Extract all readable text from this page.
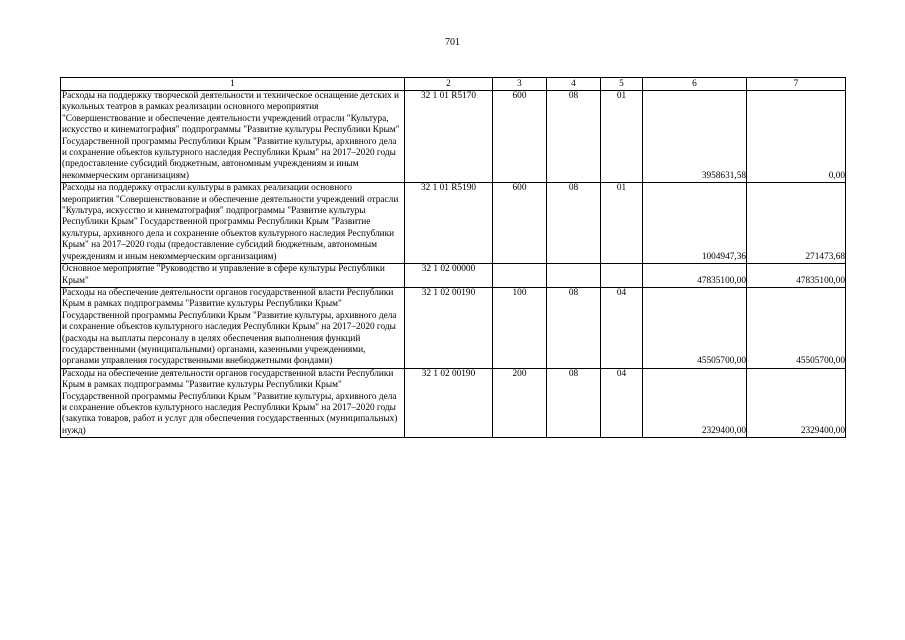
701
1	2	3	4	5	6	7
Расходы на поддержку творческой деятельности и техническое оснащение детских и кукольных театров в рамках реализации основного мероприятия "Совершенствование и обеспечение деятельности учреждений отрасли "Культура, искусство и кинематография" подпрограммы "Развитие культуры Республики Крым" Государственной программы Республики Крым "Развитие культуры, архивного дела и сохранение объектов культурного наследия Республики Крым" на 2017–2020 годы (предоставление субсидий бюджетным, автономным учреждениям и иным некоммерческим организациям)	32 1 01 R5170	600	08	01	3958631,58	0,00
Расходы на поддержку отрасли культуры в рамках реализации основного мероприятия "Совершенствование и обеспечение деятельности учреждений отрасли "Культура, искусство и кинематография" подпрограммы "Развитие культуры Республики Крым" Государственной программы Республики Крым "Развитие культуры, архивного дела и сохранение объектов культурного наследия Республики Крым" на 2017–2020 годы (предоставление субсидий бюджетным, автономным учреждениям и иным некоммерческим организациям)	32 1 01 R5190	600	08	01	1004947,36	271473,68
Основное мероприятие "Руководство и управление в сфере культуры Республики Крым"	32 1 02 00000				47835100,00	47835100,00
Расходы на обеспечение деятельности органов государственной власти Республики Крым в рамках подпрограммы "Развитие культуры Республики Крым" Государственной программы Республики Крым "Развитие культуры, архивного дела и сохранение объектов культурного наследия Республики Крым" на 2017–2020 годы (расходы на выплаты персоналу в целях обеспечения выполнения функций государственными (муниципальными) органами, казенными учреждениями, органами управления государственными внебюджетными фондами)	32 1 02 00190	100	08	04	45505700,00	45505700,00
Расходы на обеспечение деятельности органов государственной власти Республики Крым в рамках подпрограммы "Развитие культуры Республики Крым" Государственной программы Республики Крым "Развитие культуры, архивного дела и сохранение объектов культурного наследия Республики Крым" на 2017–2020 годы (закупка товаров, работ и услуг для обеспечения государственных (муниципальных) нужд)	32 1 02 00190	200	08	04	2329400,00	2329400,00
